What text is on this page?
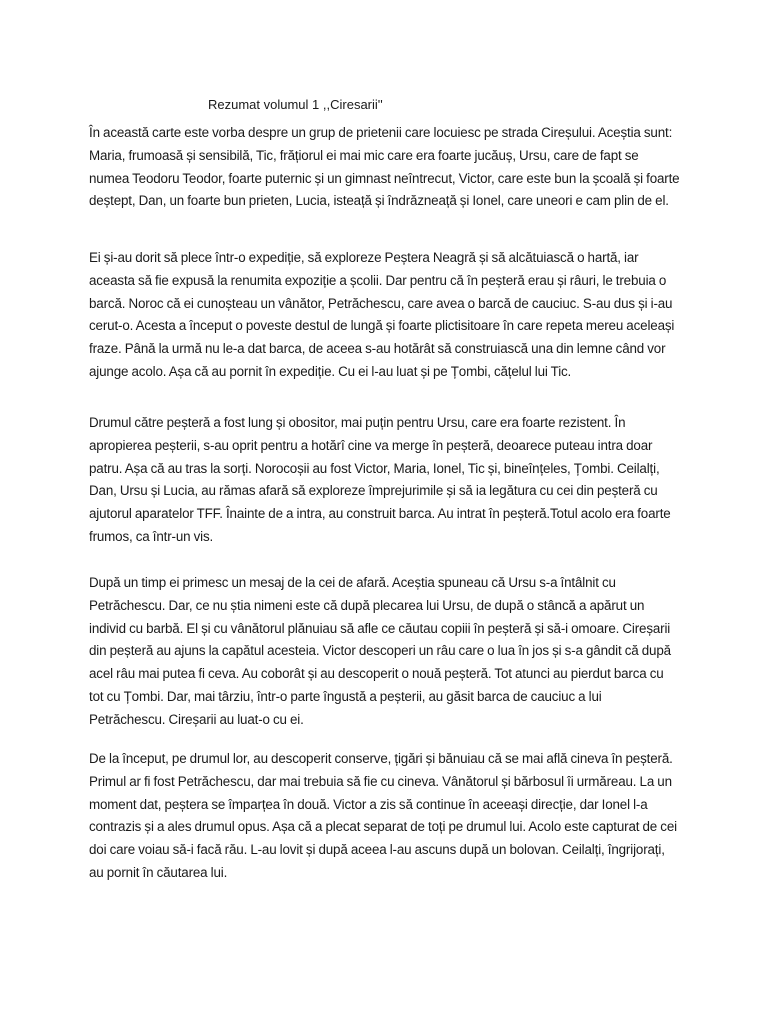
Rezumat volumul 1 ,,Ciresarii''

În această carte este vorba despre un grup de prietenii care locuiesc pe strada Cireșului. Aceștia sunt: Maria, frumoasă și sensibilă, Tic, frățiorul ei mai mic care era foarte jucăuș, Ursu, care de fapt se numea Teodoru Teodor, foarte puternic și un gimnast neîntrecut, Victor, care este bun la școală și foarte deștept, Dan, un foarte bun prieten, Lucia, isteață și îndrăzneață și Ionel, care uneori e cam plin de el.

Ei și-au dorit să plece într-o expediție, să exploreze Peștera Neagră și să alcătuiască o hartă, iar aceasta să fie expusă la renumita expoziție a școlii. Dar pentru că în peșteră erau și râuri, le trebuia o barcă. Noroc că ei cunoșteau un vânător, Petrăchescu, care avea o barcă de cauciuc. S-au dus și i-au cerut-o. Acesta a început o poveste destul de lungă și foarte plictisitoare în care repeta mereu aceleași fraze. Până la urmă nu le-a dat barca, de aceea s-au hotărât să construiască una din lemne când vor ajunge acolo. Așa că au pornit în expediție. Cu ei l-au luat și pe Țombi, cățelul lui Tic.

Drumul către peșteră a fost lung și obositor, mai puțin pentru Ursu, care era foarte rezistent. În apropierea peșterii, s-au oprit pentru a hotărî cine va merge în peșteră, deoarece puteau intra doar patru. Așa că au tras la sorți. Norocoșii au fost Victor, Maria, Ionel, Tic și, bineînțeles, Țombi. Ceilalți, Dan, Ursu și Lucia, au rămas afară să exploreze împrejurimile și să ia legătura cu cei din peșteră cu ajutorul aparatelor TFF. Înainte de a intra, au construit barca. Au intrat în peșteră.Totul acolo era foarte frumos, ca într-un vis.

După un timp ei primesc un mesaj de la cei de afară. Aceștia spuneau că Ursu s-a întâlnit cu Petrăchescu. Dar, ce nu știa nimeni este că după plecarea lui Ursu, de după o stâncă a apărut un individ cu barbă. El și cu vânătorul plănuiau să afle ce căutau copiii în peșteră și să-i omoare. Cireșarii din peșteră au ajuns la capătul acesteia. Victor descoperi un râu care o lua în jos și s-a gândit că după acel râu mai putea fi ceva. Au coborât și au descoperit o nouă peșteră. Tot atunci au pierdut barca cu tot cu Țombi. Dar, mai târziu, într-o parte îngustă a peșterii, au găsit barca de cauciuc a lui Petrăchescu. Cireșarii au luat-o cu ei.

De la început, pe drumul lor, au descoperit conserve, țigări și bănuiau că se mai află cineva în peșteră. Primul ar fi fost Petrăchescu, dar mai trebuia să fie cu cineva. Vânătorul și bărbosul îi urmăreau. La un moment dat, peștera se împarțea în două. Victor a zis să continue în aceeași direcție, dar Ionel l-a contrazis și a ales drumul opus. Așa că a plecat separat de toți pe drumul lui. Acolo este capturat de cei doi care voiau să-i facă rău. L-au lovit și după aceea l-au ascuns după un bolovan. Ceilalți, îngrijorați, au pornit în căutarea lui.
